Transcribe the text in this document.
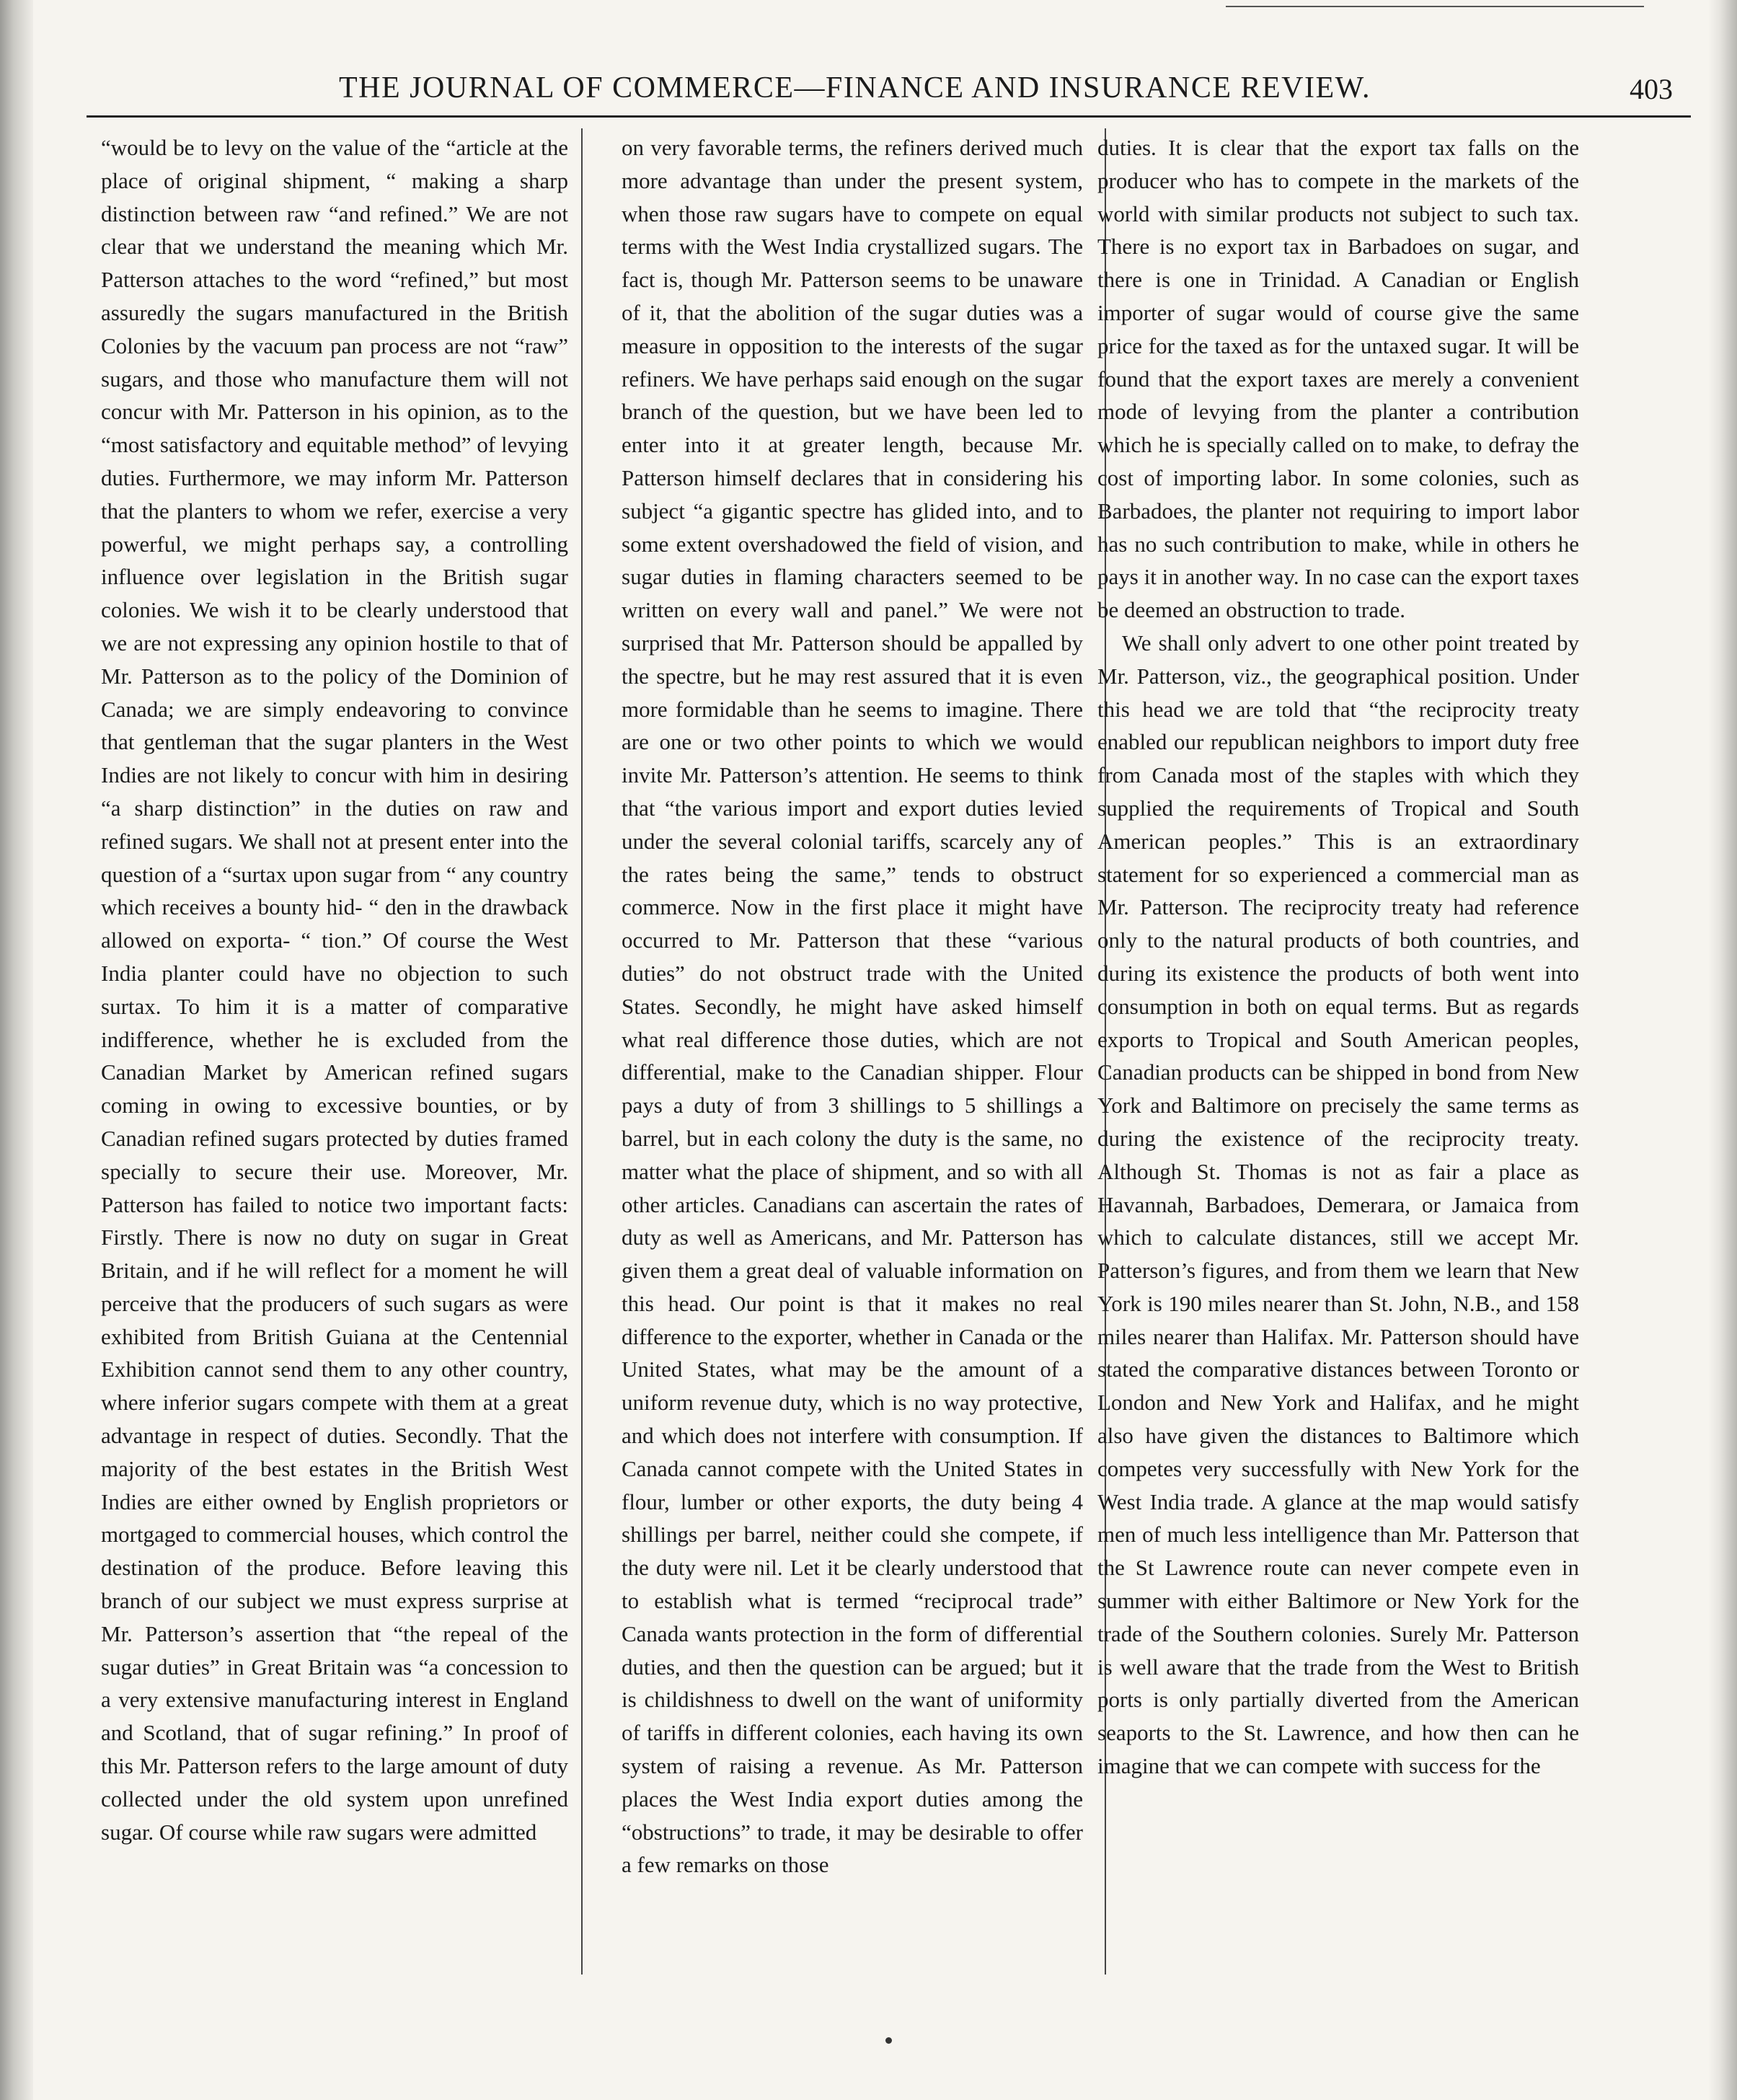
THE JOURNAL OF COMMERCE—FINANCE AND INSURANCE REVIEW.	403

“would be to levy on the value of the “article at the place of original shipment, “ making a sharp distinction between raw “and refined.” We are not clear that we understand the meaning which Mr. Patterson attaches to the word “refined,” but most assuredly the sugars manufactured in the British Colonies by the vacuum pan process are not “raw” sugars, and those who manufacture them will not concur with Mr. Patterson in his opinion, as to the “most satisfactory and equitable method” of levying duties. Furthermore, we may inform Mr. Patterson that the planters to whom we refer, exercise a very powerful, we might perhaps say, a controlling influence over legislation in the British sugar colonies. We wish it to be clearly understood that we are not expressing any opinion hostile to that of Mr. Patterson as to the policy of the Dominion of Canada; we are simply endeavoring to convince that gentleman that the sugar planters in the West Indies are not likely to concur with him in desiring “a sharp distinction” in the duties on raw and refined sugars. We shall not at present enter into the question of a “surtax upon sugar from “ any country which receives a bounty hid- “ den in the drawback allowed on exporta- “ tion.” Of course the West India planter could have no objection to such surtax. To him it is a matter of comparative indifference, whether he is excluded from the Canadian Market by American refined sugars coming in owing to excessive bounties, or by Canadian refined sugars protected by duties framed specially to secure their use. Moreover, Mr. Patterson has failed to notice two important facts: Firstly. There is now no duty on sugar in Great Britain, and if he will reflect for a moment he will perceive that the producers of such sugars as were exhibited from British Guiana at the Centennial Exhibition cannot send them to any other country, where inferior sugars compete with them at a great advantage in respect of duties. Secondly. That the majority of the best estates in the British West Indies are either owned by English proprietors or mortgaged to commercial houses, which control the destination of the produce. Before leaving this branch of our subject we must express surprise at Mr. Patterson’s assertion that “the repeal of the sugar duties” in Great Britain was “a concession to a very extensive manufacturing interest in England and Scotland, that of sugar refining.” In proof of this Mr. Patterson refers to the large amount of duty collected under the old system upon unrefined sugar. Of course while raw sugars were admitted

on very favorable terms, the refiners derived much more advantage than under the present system, when those raw sugars have to compete on equal terms with the West India crystallized sugars. The fact is, though Mr. Patterson seems to be unaware of it, that the abolition of the sugar duties was a measure in opposition to the interests of the sugar refiners. We have perhaps said enough on the sugar branch of the question, but we have been led to enter into it at greater length, because Mr. Patterson himself declares that in considering his subject “a gigantic spectre has glided into, and to some extent overshadowed the field of vision, and sugar duties in flaming characters seemed to be written on every wall and panel.” We were not surprised that Mr. Patterson should be appalled by the spectre, but he may rest assured that it is even more formidable than he seems to imagine. There are one or two other points to which we would invite Mr. Patterson’s attention. He seems to think that “the various import and export duties levied under the several colonial tariffs, scarcely any of the rates being the same,” tends to obstruct commerce. Now in the first place it might have occurred to Mr. Patterson that these “various duties” do not obstruct trade with the United States. Secondly, he might have asked himself what real difference those duties, which are not differential, make to the Canadian shipper. Flour pays a duty of from 3 shillings to 5 shillings a barrel, but in each colony the duty is the same, no matter what the place of shipment, and so with all other articles. Canadians can ascertain the rates of duty as well as Americans, and Mr. Patterson has given them a great deal of valuable information on this head. Our point is that it makes no real difference to the exporter, whether in Canada or the United States, what may be the amount of a uniform revenue duty, which is no way protective, and which does not interfere with consumption. If Canada cannot compete with the United States in flour, lumber or other exports, the duty being 4 shillings per barrel, neither could she compete, if the duty were nil. Let it be clearly understood that to establish what is termed “reciprocal trade” Canada wants protection in the form of differential duties, and then the question can be argued; but it is childishness to dwell on the want of uniformity of tariffs in different colonies, each having its own system of raising a revenue. As Mr. Patterson places the West India export duties among the “obstructions” to trade, it may be desirable to offer a few remarks on those

duties. It is clear that the export tax falls on the producer who has to compete in the markets of the world with similar products not subject to such tax. There is no export tax in Barbadoes on sugar, and there is one in Trinidad. A Canadian or English importer of sugar would of course give the same price for the taxed as for the untaxed sugar. It will be found that the export taxes are merely a convenient mode of levying from the planter a contribution which he is specially called on to make, to defray the cost of importing labor. In some colonies, such as Barbadoes, the planter not requiring to import labor has no such contribution to make, while in others he pays it in another way. In no case can the export taxes be deemed an obstruction to trade.

We shall only advert to one other point treated by Mr. Patterson, viz., the geographical position. Under this head we are told that “the reciprocity treaty enabled our republican neighbors to import duty free from Canada most of the staples with which they supplied the requirements of Tropical and South American peoples.” This is an extraordinary statement for so experienced a commercial man as Mr. Patterson. The reciprocity treaty had reference only to the natural products of both countries, and during its existence the products of both went into consumption in both on equal terms. But as regards exports to Tropical and South American peoples, Canadian products can be shipped in bond from New York and Baltimore on precisely the same terms as during the existence of the reciprocity treaty. Although St. Thomas is not as fair a place as Havannah, Barbadoes, Demerara, or Jamaica from which to calculate distances, still we accept Mr. Patterson’s figures, and from them we learn that New York is 190 miles nearer than St. John, N.B., and 158 miles nearer than Halifax. Mr. Patterson should have stated the comparative distances between Toronto or London and New York and Halifax, and he might also have given the distances to Baltimore which competes very successfully with New York for the West India trade. A glance at the map would satisfy men of much less intelligence than Mr. Patterson that the St Lawrence route can never compete even in summer with either Baltimore or New York for the trade of the Southern colonies. Surely Mr. Patterson is well aware that the trade from the West to British ports is only partially diverted from the American seaports to the St. Lawrence, and how then can he imagine that we can compete with success for the
